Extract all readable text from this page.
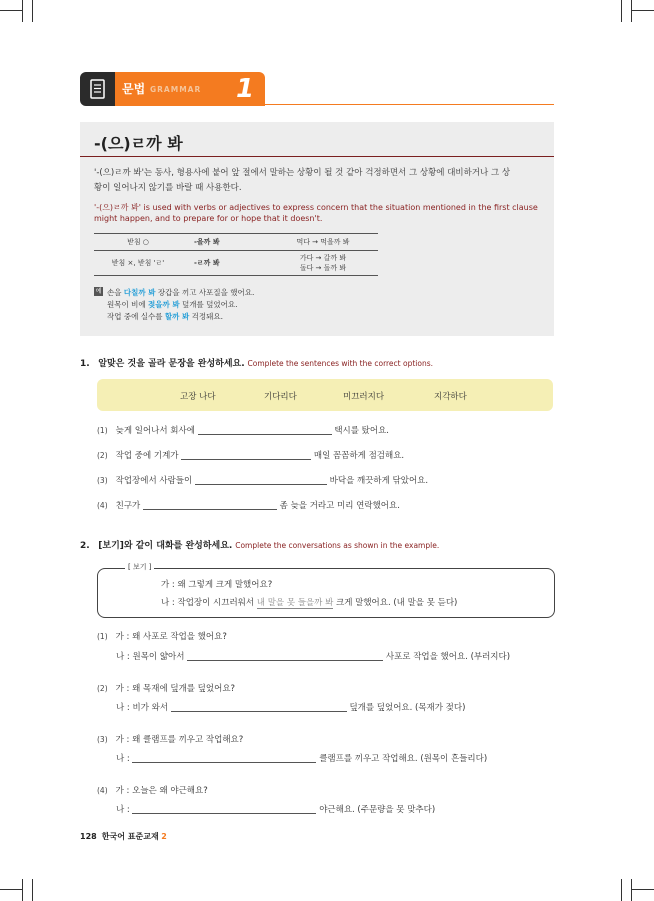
문법 GRAMMAR 1
-(으)ㄹ까 봐
'-(으)ㄹ까 봐'는 동사, 형용사에 붙어 앞 절에서 말하는 상황이 될 것 같아 걱정하면서 그 상황에 대비하거나 그 상
황이 일어나지 않기를 바랄 때 사용한다.
'-(으)ㄹ까 봐' is used with verbs or adjectives to express concern that the situation mentioned in the first clause
might happen, and to prepare for or hope that it doesn't.
받침 ○	-을까 봐	먹다 → 먹을까 봐

받침 ×, 받침 'ㄹ'	-ㄹ까 봐	가다 → 갈까 봐
돌다 → 돌까 봐
예 손을 다칠까 봐 장갑을 끼고 사포질을 했어요.
원목이 비에 젖을까 봐 덮개를 덮었어요.
작업 중에 실수를 할까 봐 걱정돼요.
1. 알맞은 것을 골라 문장을 완성하세요. Complete the sentences with the correct options.
고장 나다	기다리다	미끄러지다	지각하다
(1) 늦게 일어나서 회사에	택시를 탔어요.
(2) 작업 중에 기계가	매일 꼼꼼하게 점검해요.
(3) 작업장에서 사람들이	바닥을 깨끗하게 닦았어요.
(4) 친구가	좀 늦을 거라고 미리 연락했어요.
2. [보기]와 같이 대화를 완성하세요. Complete the conversations as shown in the example.
[ 보기 ]
가 : 왜 그렇게 크게 말했어요?
나 : 작업장이 시끄러워서 내 말을 못 들을까 봐 크게 말했어요. (내 말을 못 듣다)
(1) 가 : 왜 사포로 작업을 했어요?
나 : 원목이 얇아서	사포로 작업을 했어요. (부러지다)
(2) 가 : 왜 목재에 덮개를 덮었어요?
나 : 비가 와서	덮개를 덮었어요. (목재가 젖다)
(3) 가 : 왜 클램프를 끼우고 작업해요?
나 :	클램프를 끼우고 작업해요. (원목이 흔들리다)
(4) 가 : 오늘은 왜 야근해요?
나 :	야근해요. (주문량을 못 맞추다)
128 한국어 표준교재 2
